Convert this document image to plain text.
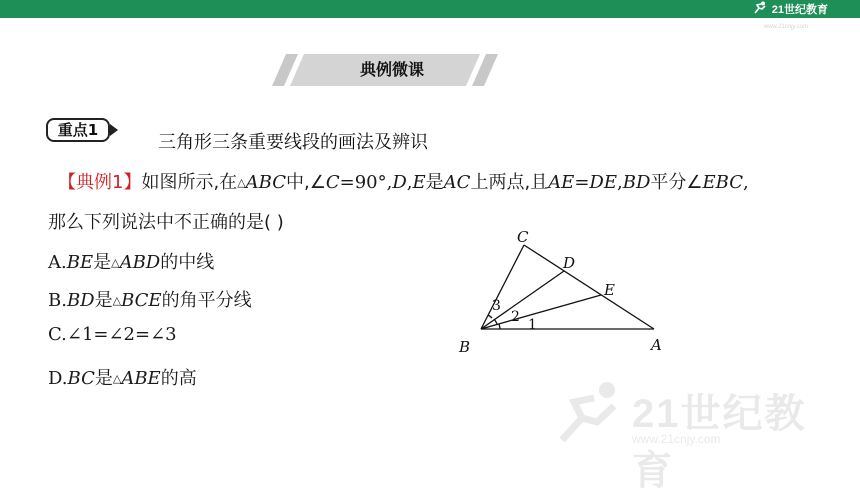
21世纪教育
www.21cnjy.com
典例微课
重点1
三角形三条重要线段的画法及辨识
【典例1】如图所示,在△ABC中,∠C=90°,D,E是AC上两点,且AE=DE,BD平分∠EBC,
那么下列说法中不正确的是( )
A.BE是△ABD的中线
B.BD是△BCE的角平分线
C.∠1=∠2=∠3
D.BC是△ABE的高
B	A
C
D
E
1
2
3
21世纪教育
www.21cnjy.com
